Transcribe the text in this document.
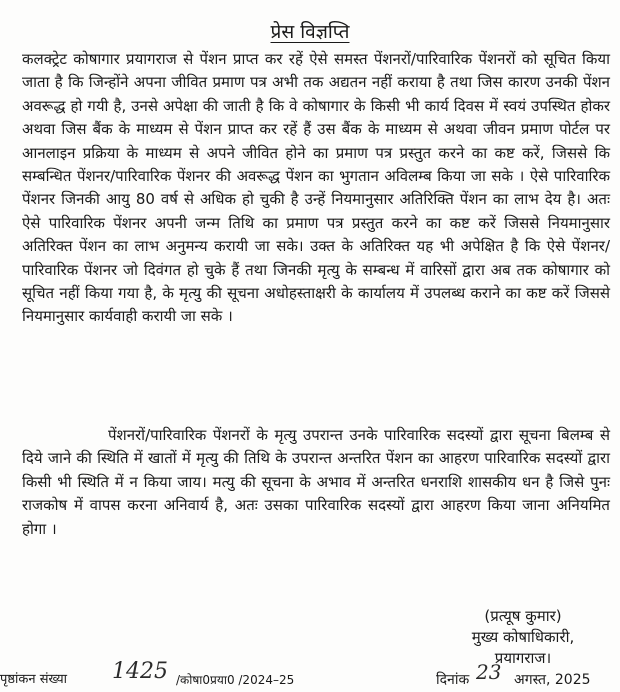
प्रेस विज्ञप्ति

कलक्ट्रेट कोषागार प्रयागराज से पेंशन प्राप्त कर रहें ऐसे समस्त पेंशनरों/पारिवारिक पेंशनरों को सूचित किया जाता है कि जिन्होंने अपना जीवित प्रमाण पत्र अभी तक अद्यतन नहीं कराया है तथा जिस कारण उनकी पेंशन अवरूद्ध हो गयी है, उनसे अपेक्षा की जाती है कि वे कोषागार के किसी भी कार्य दिवस में स्वयं उपस्थित होकर अथवा जिस बैंक के माध्यम से पेंशन प्राप्त कर रहें हैं उस बैंक के माध्यम से अथवा जीवन प्रमाण पोर्टल पर आनलाइन प्रक्रिया के माध्यम से अपने जीवित होने का प्रमाण पत्र प्रस्तुत करने का कष्ट करें, जिससे कि सम्बन्धित पेंशनर/पारिवारिक पेंशनर की अवरूद्ध पेंशन का भुगतान अविलम्ब किया जा सके । ऐसे पारिवारिक पेंशनर जिनकी आयु 80 वर्ष से अधिक हो चुकी है उन्हें नियमानुसार अतिरिक्ति पेंशन का लाभ देय है। अतः ऐसे पारिवारिक पेंशनर अपनी जन्म तिथि का प्रमाण पत्र प्रस्तुत करने का कष्ट करें जिससे नियमानुसार अतिरिक्त पेंशन का लाभ अनुमन्य करायी जा सके। उक्त के अतिरिक्त यह भी अपेक्षित है कि ऐसे पेंशनर/पारिवारिक पेंशनर जो दिवंगत हो चुके हैं तथा जिनकी मृत्यु के सम्बन्ध में वारिसों द्वारा अब तक कोषागार को सूचित नहीं किया गया है, के मृत्यु की सूचना अधोहस्ताक्षरी के कार्यालय में उपलब्ध कराने का कष्ट करें जिससे नियमानुसार कार्यवाही करायी जा सके ।

पेंशनरों/पारिवारिक पेंशनरों के मृत्यु उपरान्त उनके पारिवारिक सदस्यों द्वारा सूचना बिलम्ब से दिये जाने की स्थिति में खातों में मृत्यु की तिथि के उपरान्त अन्तरित पेंशन का आहरण पारिवारिक सदस्यों द्वारा किसी भी स्थिति में न किया जाय। मत्यु की सूचना के अभाव में अन्तरित धनराशि शासकीय धन है जिसे पुनः राजकोष में वापस करना अनिवार्य है, अतः उसका पारिवारिक सदस्यों द्वारा आहरण किया जाना अनियमित होगा ।

(प्रत्यूष कुमार)
मुख्य कोषाधिकारी,
प्रयागराज।
पृष्ठांकन संख्या 1425 /कोषा0प्रया0 /2024–25	दिनांक 23 अगस्त, 2025
